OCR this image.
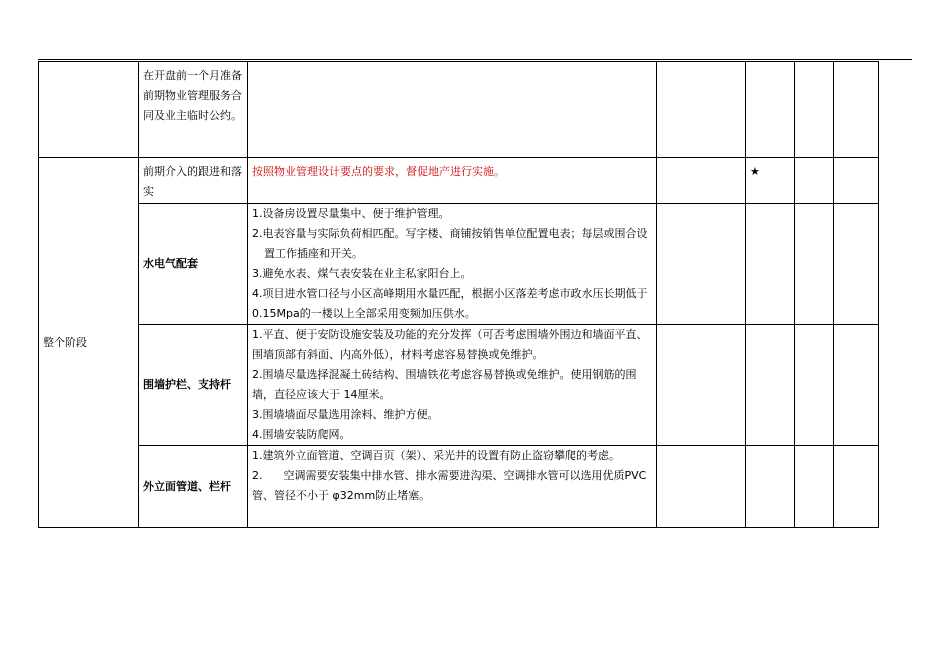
	在开盘前一个月准备前期物业管理服务合同及业主临时公约。					
整个阶段	前期介入的跟进和落实	按照物业管理设计要点的要求，督促地产进行实施。		★		
	水电气配套	1.设备房设置尽量集中、便于维护管理。

2.电表容量与实际负荷相匹配。写字楼、商铺按销售单位配置电表；每层或围合设置工作插座和开关。

3.避免水表、煤气表安装在业主私家阳台上。

4.项目进水管口径与小区高峰期用水量匹配，根据小区落差考虑市政水压长期低于 0.15Mpa的一楼以上全部采用变频加压供水。				

	围墙护栏、支持杆	1.平直、便于安防设施安装及功能的充分发挥（可否考虑围墙外围边和墙面平直、围墙顶部有斜面、内高外低），材料考虑容易替换或免维护。

2.围墙尽量选择混凝土砖结构、围墙铁花考虑容易替换或免维护。使用钢筋的围墙，直径应该大于 14厘米。

3.围墙墙面尽量选用涂料、维护方便。

4.围墙安装防爬网。				

	外立面管道、栏杆	1.建筑外立面管道、空调百页（架）、采光井的设置有防止盗窃攀爬的考虑。

2.      空调需要安装集中排水管、排水需要进沟渠、空调排水管可以选用优质PVC管、管径不小于 φ32mm防止堵塞。				
